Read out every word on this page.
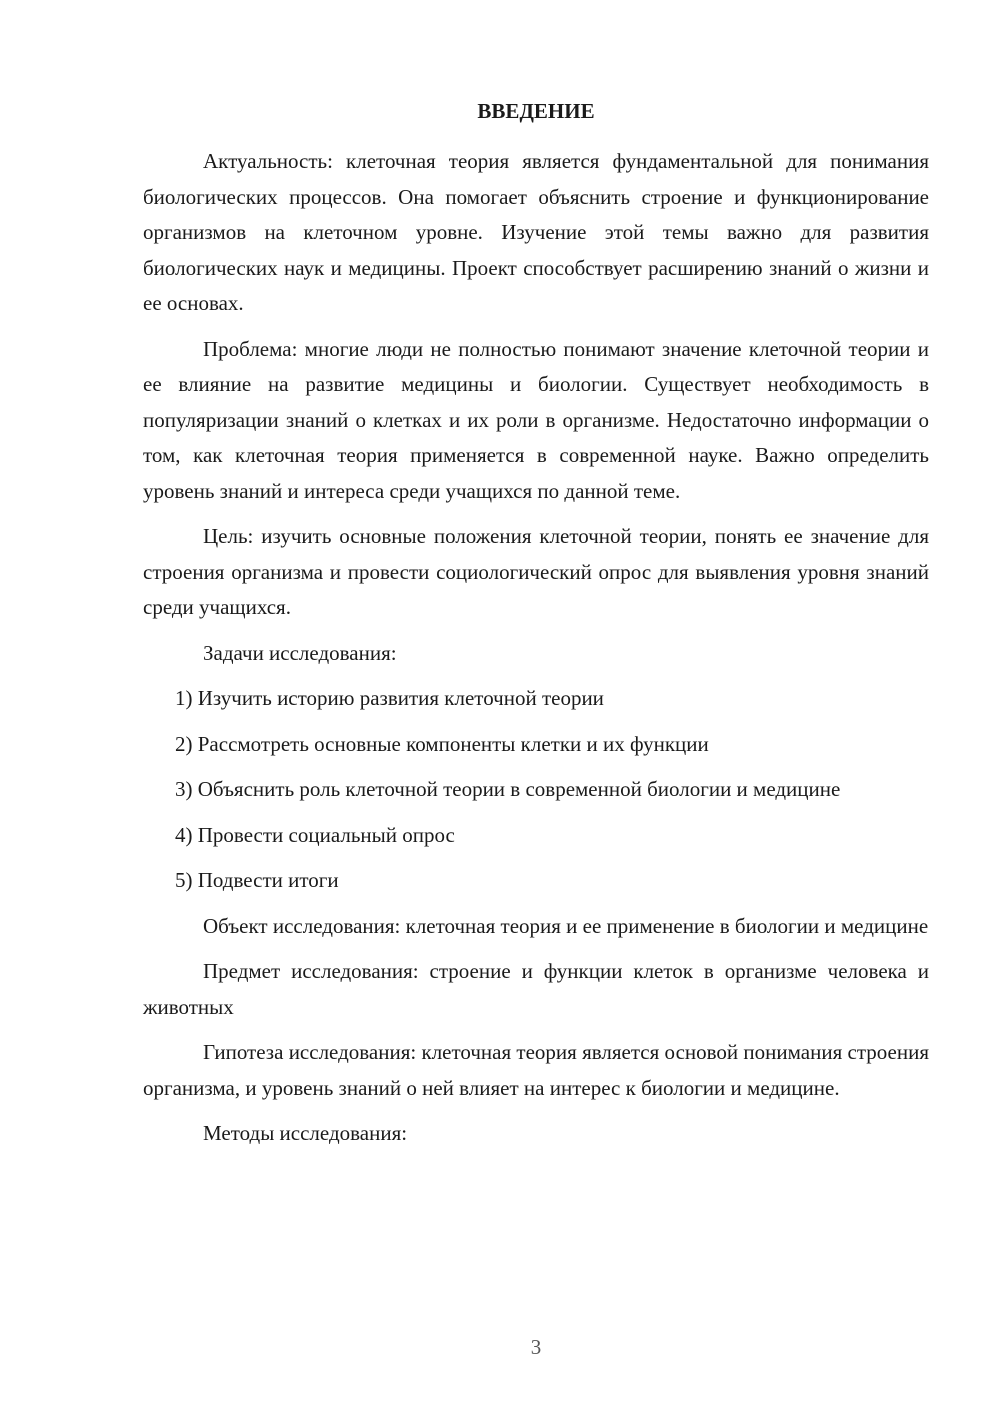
ВВЕДЕНИЕ

Актуальность: клеточная теория является фундаментальной для понимания биологических процессов. Она помогает объяснить строение и функционирование организмов на клеточном уровне. Изучение этой темы важно для развития биологических наук и медицины. Проект способствует расширению знаний о жизни и ее основах.

Проблема: многие люди не полностью понимают значение клеточной теории и ее влияние на развитие медицины и биологии. Существует необходимость в популяризации знаний о клетках и их роли в организме. Недостаточно информации о том, как клеточная теория применяется в современной науке. Важно определить уровень знаний и интереса среди учащихся по данной теме.

Цель: изучить основные положения клеточной теории, понять ее значение для строения организма и провести социологический опрос для выявления уровня знаний среди учащихся.

Задачи исследования:

1) Изучить историю развития клеточной теории

2) Рассмотреть основные компоненты клетки и их функции

3) Объяснить роль клеточной теории в современной биологии и медицине

4) Провести социальный опрос

5) Подвести итоги

Объект исследования: клеточная теория и ее применение в биологии и медицине

Предмет исследования: строение и функции клеток в организме человека и животных

Гипотеза исследования: клеточная теория является основой понимания строения организма, и уровень знаний о ней влияет на интерес к биологии и медицине.

Методы исследования:

3
